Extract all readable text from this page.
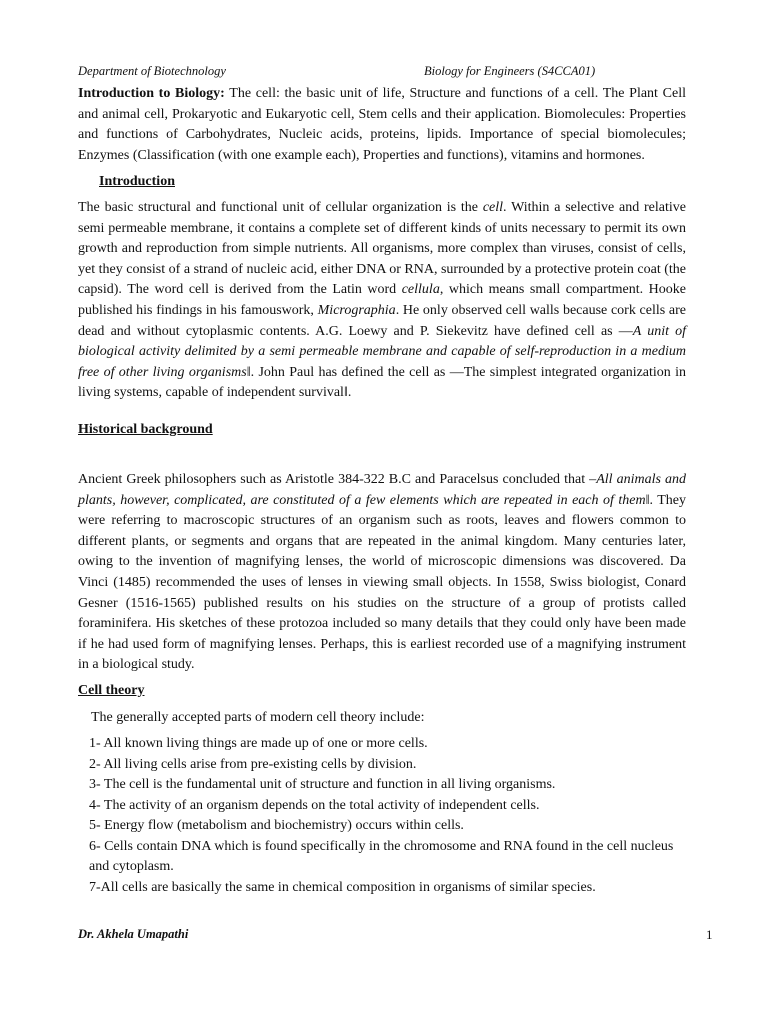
Department of Biotechnology	Biology for Engineers (S4CCA01)
Introduction to Biology: The cell: the basic unit of life, Structure and functions of a cell. The Plant Cell and animal cell, Prokaryotic and Eukaryotic cell, Stem cells and their application. Biomolecules: Properties and functions of Carbohydrates, Nucleic acids, proteins, lipids. Importance of special biomolecules; Enzymes (Classification (with one example each), Properties and functions), vitamins and hormones.
Introduction
The basic structural and functional unit of cellular organization is the cell. Within a selective and relative semi permeable membrane, it contains a complete set of different kinds of units necessary to permit its own growth and reproduction from simple nutrients. All organisms, more complex than viruses, consist of cells, yet they consist of a strand of nucleic acid, either DNA or RNA, surrounded by a protective protein coat (the capsid). The word cell is derived from the Latin word cellula, which means small compartment. Hooke published his findings in his famouswork, Micrographia. He only observed cell walls because cork cells are dead and without cytoplasmic contents. A.G. Loewy and P. Siekevitz have defined cell as —A unit of biological activity delimited by a semi permeable membrane and capable of self-reproduction in a medium free of other living organisms‖. John Paul has defined the cell as —The simplest integrated organization in living systems, capable of independent survival‖.
Historical background
Ancient Greek philosophers such as Aristotle 384-322 B.C and Paracelsus concluded that –All animals and plants, however, complicated, are constituted of a few elements which are repeated in each of them‖. They were referring to macroscopic structures of an organism such as roots, leaves and flowers common to different plants, or segments and organs that are repeated in the animal kingdom. Many centuries later, owing to the invention of magnifying lenses, the world of microscopic dimensions was discovered. Da Vinci (1485) recommended the uses of lenses in viewing small objects. In 1558, Swiss biologist, Conard Gesner (1516-1565) published results on his studies on the structure of a group of protists called foraminifera. His sketches of these protozoa included so many details that they could only have been made if he had used form of magnifying lenses. Perhaps, this is earliest recorded use of a magnifying instrument in a biological study.
Cell theory
The generally accepted parts of modern cell theory include:
1- All known living things are made up of one or more cells.
2- All living cells arise from pre-existing cells by division.
3- The cell is the fundamental unit of structure and function in all living organisms.
4- The activity of an organism depends on the total activity of independent cells.
5- Energy flow (metabolism and biochemistry) occurs within cells.
6- Cells contain DNA which is found specifically in the chromosome and RNA found in the cell nucleus and cytoplasm.
7-All cells are basically the same in chemical composition in organisms of similar species.
Dr. Akhela Umapathi	1
